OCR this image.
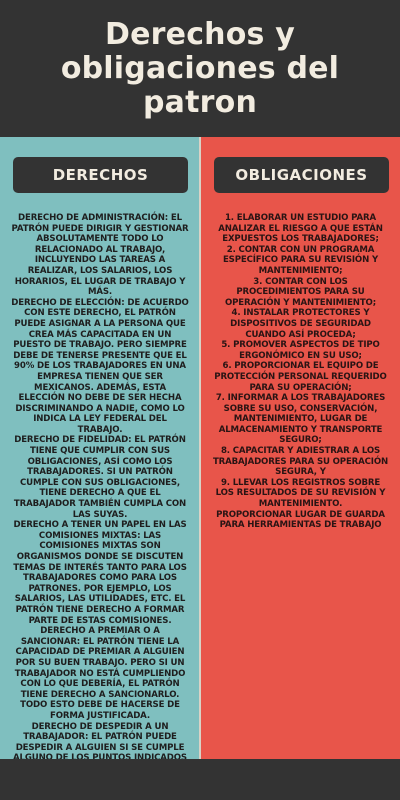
Derechos y obligaciones del patron
DERECHOS
DERECHO DE ADMINISTRACIÓN: EL PATRÓN PUEDE DIRIGIR Y GESTIONAR ABSOLUTAMENTE TODO LO RELACIONADO AL TRABAJO, INCLUYENDO LAS TAREAS A REALIZAR, LOS SALARIOS, LOS HORARIOS, EL LUGAR DE TRABAJO Y MÁS.
DERECHO DE ELECCIÓN: DE ACUERDO CON ESTE DERECHO, EL PATRÓN PUEDE ASIGNAR A LA PERSONA QUE CREA MÁS CAPACITADA EN UN PUESTO DE TRABAJO. PERO SIEMPRE DEBE DE TENERSE PRESENTE QUE EL 90% DE LOS TRABAJADORES EN UNA EMPRESA TIENEN QUE SER MEXICANOS. ADEMÁS, ESTA ELECCIÓN NO DEBE DE SER HECHA DISCRIMINANDO A NADIE, COMO LO INDICA LA LEY FEDERAL DEL TRABAJO.
DERECHO DE FIDELIDAD: EL PATRÓN TIENE QUE CUMPLIR CON SUS OBLIGACIONES, ASÍ COMO LOS TRABAJADORES. SI UN PATRÓN CUMPLE CON SUS OBLIGACIONES, TIENE DERECHO A QUE EL TRABAJADOR TAMBIÉN CUMPLA CON LAS SUYAS.
DERECHO A TENER UN PAPEL EN LAS COMISIONES MIXTAS: LAS COMISIONES MIXTAS SON ORGANISMOS DONDE SE DISCUTEN TEMAS DE INTERÉS TANTO PARA LOS TRABAJADORES COMO PARA LOS PATRONES. POR EJEMPLO, LOS SALARIOS, LAS UTILIDADES, ETC. EL PATRÓN TIENE DERECHO A FORMAR PARTE DE ESTAS COMISIONES.
DERECHO A PREMIAR O A SANCIONAR: EL PATRÓN TIENE LA CAPACIDAD DE PREMIAR A ALGUIEN POR SU BUEN TRABAJO. PERO SI UN TRABAJADOR NO ESTÁ CUMPLIENDO CON LO QUE DEBERÍA, EL PATRÓN TIENE DERECHO A SANCIONARLO. TODO ESTO DEBE DE HACERSE DE FORMA JUSTIFICADA.
DERECHO DE DESPEDIR A UN TRABAJADOR: EL PATRÓN PUEDE DESPEDIR A ALGUIEN SI SE CUMPLE
OBLIGACIONES
1. ELABORAR UN ESTUDIO PARA ANALIZAR EL RIESGO A QUE ESTÁN EXPUESTOS LOS TRABAJADORES;
2. CONTAR CON UN PROGRAMA ESPECÍFICO PARA SU REVISIÓN Y MANTENIMIENTO;
3. CONTAR CON LOS PROCEDIMIENTOS PARA SU OPERACIÓN Y MANTENIMIENTO;
4. INSTALAR PROTECTORES Y DISPOSITIVOS DE SEGURIDAD CUANDO ASÍ PROCEDA;
5. PROMOVER ASPECTOS DE TIPO ERGONÓMICO EN SU USO;
6. PROPORCIONAR EL EQUIPO DE PROTECCIÓN PERSONAL REQUERIDO PARA SU OPERACIÓN;
7. INFORMAR A LOS TRABAJADORES SOBRE SU USO, CONSERVACIÓN, MANTENIMIENTO, LUGAR DE ALMACENAMIENTO Y TRANSPORTE SEGURO;
8. CAPACITAR Y ADIESTRAR A LOS TRABAJADORES PARA SU OPERACIÓN SEGURA, Y
9. LLEVAR LOS REGISTROS SOBRE LOS RESULTADOS DE SU REVISIÓN Y MANTENIMIENTO.
PROPORCIONAR LUGAR DE GUARDA PARA HERRAMIENTAS DE TRABAJO
